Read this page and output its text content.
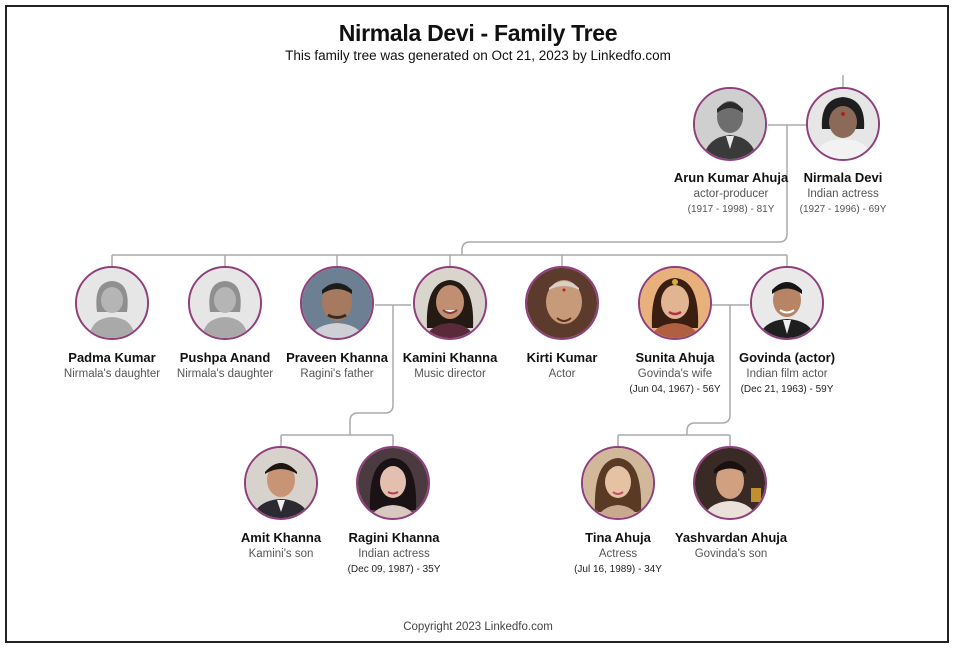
Nirmala Devi - Family Tree
This family tree was generated on Oct 21, 2023 by Linkedfo.com
Arun Kumar Ahuja
actor-producer
(1917 - 1998) - 81Y
Nirmala Devi
Indian actress
(1927 - 1996) - 69Y
Padma Kumar
Nirmala's daughter
Pushpa Anand
Nirmala's daughter
Praveen Khanna
Ragini's father
Kamini Khanna
Music director
Kirti Kumar
Actor
Sunita Ahuja
Govinda's wife
(Jun 04, 1967) - 56Y
Govinda (actor)
Indian film actor
(Dec 21, 1963) - 59Y
Amit Khanna
Kamini's son
Ragini Khanna
Indian actress
(Dec 09, 1987) - 35Y
Tina Ahuja
Actress
(Jul 16, 1989) - 34Y
Yashvardan Ahuja
Govinda's son
Copyright 2023 Linkedfo.com
